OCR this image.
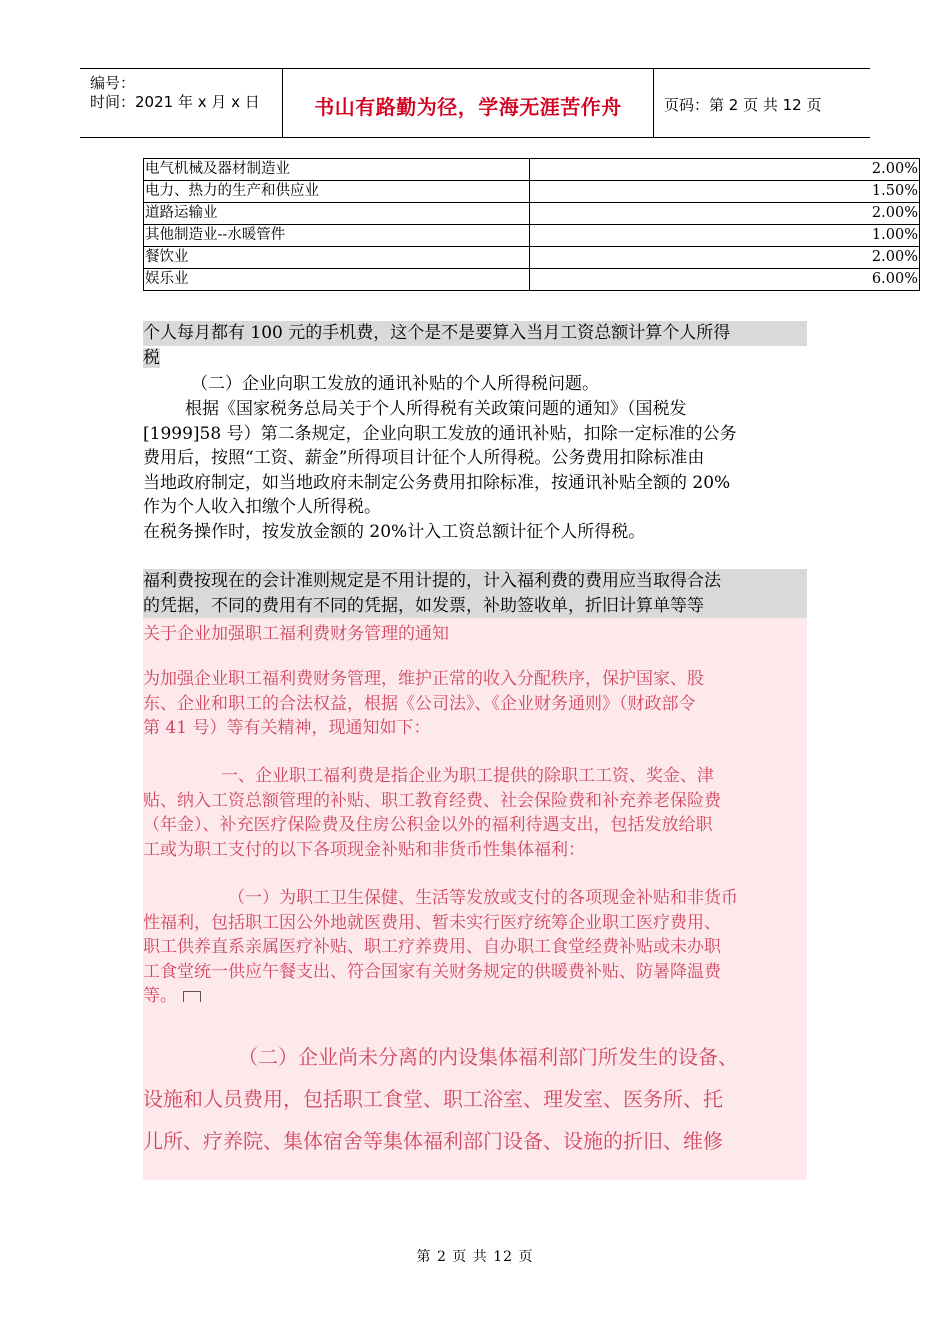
编号：
时间：2021 年 x 月 x 日	书山有路勤为径，学海无涯苦作舟	页码：第 2 页 共 12 页
电气机械及器材制造业	2.00%
电力、热力的生产和供应业	1.50%
道路运输业	2.00%
其他制造业--水暖管件	1.00%
餐饮业	2.00%
娱乐业	6.00%
个人每月都有 100 元的手机费，这个是不是要算入当月工资总额计算个人所得
税
（二）企业向职工发放的通讯补贴的个人所得税问题。
根据《国家税务总局关于个人所得税有关政策问题的通知》（国税发
[1999]58 号）第二条规定，企业向职工发放的通讯补贴，扣除一定标准的公务
费用后，按照“工资、薪金”所得项目计征个人所得税。公务费用扣除标准由
当地政府制定，如当地政府未制定公务费用扣除标准，按通讯补贴全额的 20%
作为个人收入扣缴个人所得税。
在税务操作时，按发放金额的 20%计入工资总额计征个人所得税。
福利费按现在的会计准则规定是不用计提的，计入福利费的费用应当取得合法
的凭据，不同的费用有不同的凭据，如发票，补助签收单，折旧计算单等等
关于企业加强职工福利费财务管理的通知
为加强企业职工福利费财务管理，维护正常的收入分配秩序，保护国家、股
东、企业和职工的合法权益，根据《公司法》、《企业财务通则》（财政部令
第 41 号）等有关精神，现通知如下：
一、企业职工福利费是指企业为职工提供的除职工工资、奖金、津
贴、纳入工资总额管理的补贴、职工教育经费、社会保险费和补充养老保险费
（年金）、补充医疗保险费及住房公积金以外的福利待遇支出，包括发放给职
工或为职工支付的以下各项现金补贴和非货币性集体福利：
（一）为职工卫生保健、生活等发放或支付的各项现金补贴和非货币
性福利，包括职工因公外地就医费用、暂未实行医疗统筹企业职工医疗费用、
职工供养直系亲属医疗补贴、职工疗养费用、自办职工食堂经费补贴或未办职
工食堂统一供应午餐支出、符合国家有关财务规定的供暖费补贴、防暑降温费
等。
（二）企业尚未分离的内设集体福利部门所发生的设备、
设施和人员费用，包括职工食堂、职工浴室、理发室、医务所、托
儿所、疗养院、集体宿舍等集体福利部门设备、设施的折旧、维修
第 2 页 共 12 页
